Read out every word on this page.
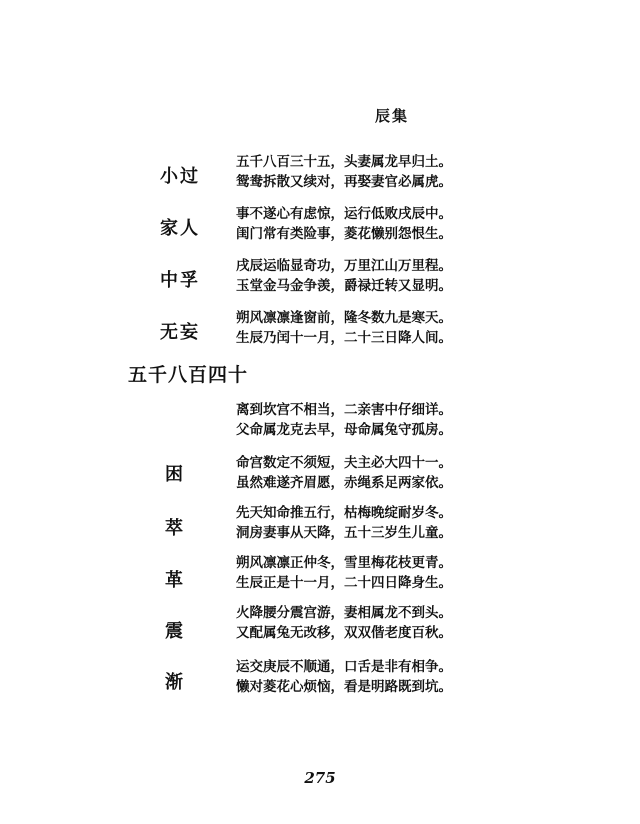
辰集
小过
五千八百三十五，头妻属龙早归土。
鸳鸯拆散又续对，再娶妻官必属虎。
家人
事不遂心有虑惊，运行低败戌辰中。
闺门常有类险事，菱花懒别怨恨生。
中孚
戌辰运临显奇功，万里江山万里程。
玉堂金马金争羡，爵禄迁转又显明。
无妄
朔风凛凛逢窗前，隆冬数九是寒天。
生辰乃闰十一月，二十三日降人间。
五千八百四十
离到坎宫不相当，二亲害中仔细详。
父命属龙克去早，母命属兔守孤房。
困
命宫数定不须短，夫主必大四十一。
虽然难遂齐眉愿，赤绳系足两家依。
萃
先天知命推五行，枯梅晚绽耐岁冬。
洞房妻事从天降，五十三岁生儿童。
革
朔风凛凛正仲冬，雪里梅花枝更青。
生辰正是十一月，二十四日降身生。
震
火降腰分震宫游，妻相属龙不到头。
又配属兔无改移，双双偕老度百秋。
渐
运交庚辰不顺通，口舌是非有相争。
懒对菱花心烦恼，看是明路既到坑。
275
